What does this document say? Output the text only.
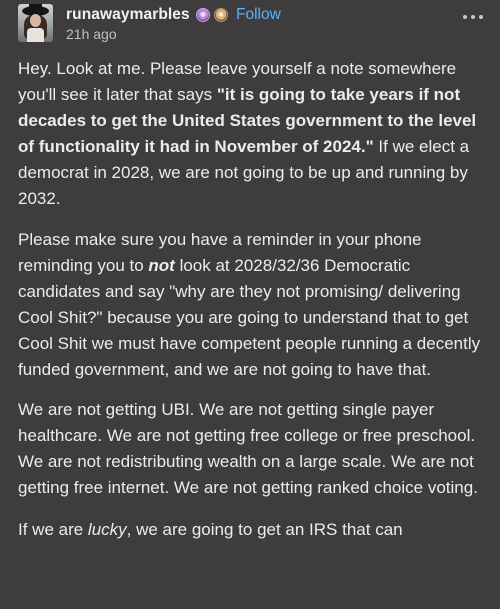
runawaymarbles	Follow
21h ago

Hey. Look at me. Please leave yourself a note somewhere you'll see it later that says "it is going to take years if not decades to get the United States government to the level of functionality it had in November of 2024." If we elect a democrat in 2028, we are not going to be up and running by 2032.

Please make sure you have a reminder in your phone reminding you to not look at 2028/32/36 Democratic candidates and say "why are they not promising/ delivering Cool Shit?" because you are going to understand that to get Cool Shit we must have competent people running a decently funded government, and we are not going to have that.

We are not getting UBI. We are not getting single payer healthcare. We are not getting free college or free preschool. We are not redistributing wealth on a large scale. We are not getting free internet. We are not getting ranked choice voting.

If we are lucky, we are going to get an IRS that can
